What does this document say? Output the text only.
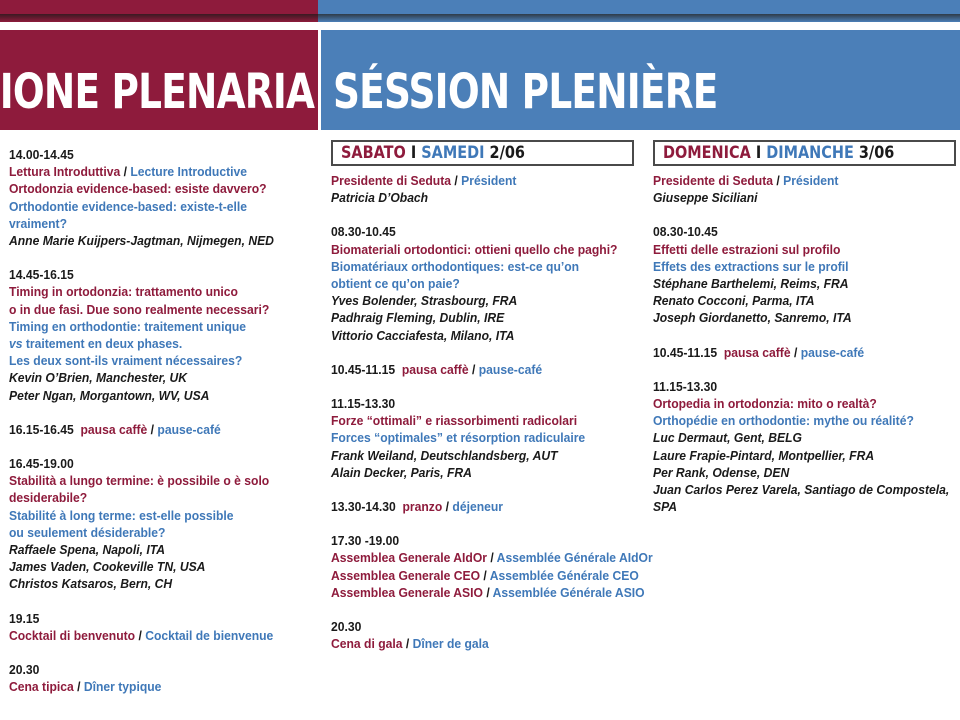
IONE PLENARIA SÉSSION PLENIÈRE
14.00-14.45
Lettura Introduttiva / Lecture Introductive
Ortodonzia evidence-based: esiste davvero?
Orthodontie evidence-based: existe-t-elle
vraiment?
Anne Marie Kuijpers-Jagtman, Nijmegen, NED
14.45-16.15
Timing in ortodonzia: trattamento unico
o in due fasi. Due sono realmente necessari?
Timing en orthodontie: traitement unique
vs traitement en deux phases.
Les deux sont-ils vraiment nécessaires?
Kevin O’Brien, Manchester, UK
Peter Ngan, Morgantown, WV, USA
16.15-16.45 pausa caffè / pause-café
16.45-19.00
Stabilità a lungo termine: è possibile o è solo
desiderabile?
Stabilité à long terme: est-elle possible
ou seulement désiderable?
Raffaele Spena, Napoli, ITA
James Vaden, Cookeville TN, USA
Christos Katsaros, Bern, CH
19.15
Cocktail di benvenuto / Cocktail de bienvenue
20.30
Cena tipica / Dîner typique
SABATO I SAMEDI 2/06
Presidente di Seduta / Président
Patricia D’Obach
08.30-10.45
Biomateriali ortodontici: ottieni quello che paghi?
Biomatériaux orthodontiques: est-ce qu’on
obtient ce qu’on paie?
Yves Bolender, Strasbourg, FRA
Padhraig Fleming, Dublin, IRE
Vittorio Cacciafesta, Milano, ITA
10.45-11.15 pausa caffè / pause-café
11.15-13.30
Forze “ottimali” e riassorbimenti radicolari
Forces “optimales” et résorption radiculaire
Frank Weiland, Deutschlandsberg, AUT
Alain Decker, Paris, FRA
13.30-14.30 pranzo / déjeneur
17.30 -19.00
Assemblea Generale AIdOr / Assemblée Générale AIdOr
Assemblea Generale CEO / Assemblée Générale CEO
Assemblea Generale ASIO / Assemblée Générale ASIO
20.30
Cena di gala / Dîner de gala
DOMENICA I DIMANCHE 3/06
Presidente di Seduta / Président
Giuseppe Siciliani
08.30-10.45
Effetti delle estrazioni sul profilo
Effets des extractions sur le profil
Stéphane Barthelemi, Reims, FRA
Renato Cocconi, Parma, ITA
Joseph Giordanetto, Sanremo, ITA
10.45-11.15 pausa caffè / pause-café
11.15-13.30
Ortopedia in ortodonzia: mito o realtà?
Orthopédie en orthodontie: mythe ou réalité?
Luc Dermaut, Gent, BELG
Laure Frapie-Pintard, Montpellier, FRA
Per Rank, Odense, DEN
Juan Carlos Perez Varela, Santiago de Compostela,
SPA
